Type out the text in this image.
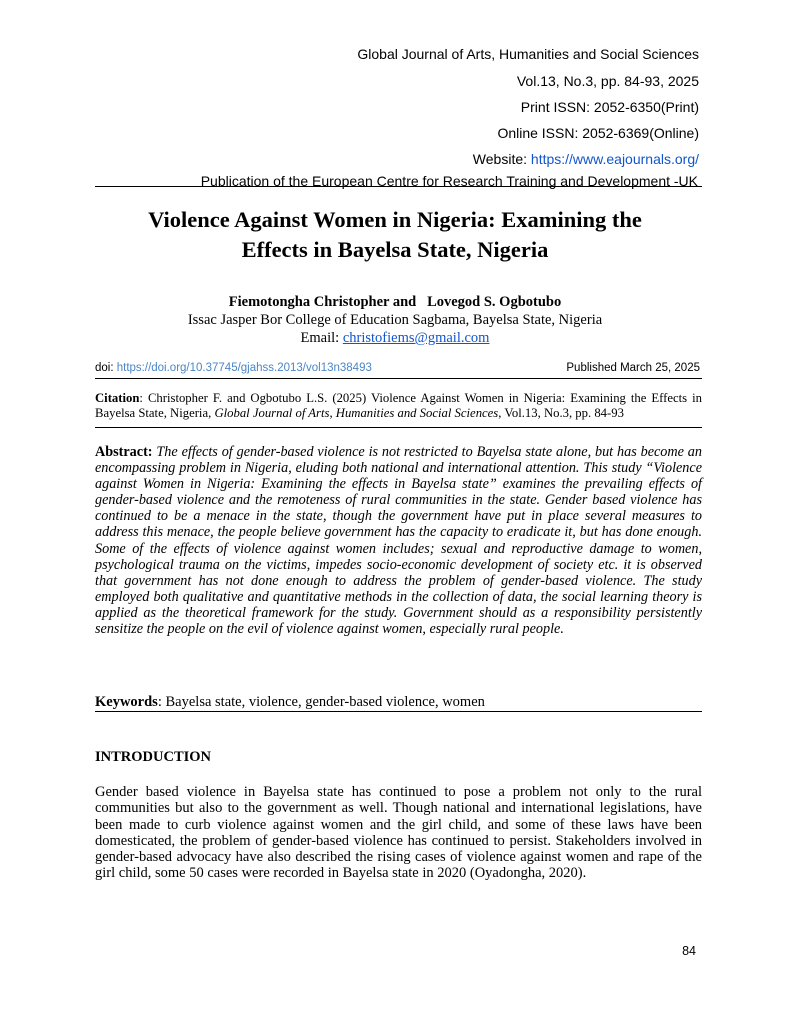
Global Journal of Arts, Humanities and Social Sciences
Vol.13, No.3, pp. 84-93, 2025
Print ISSN: 2052-6350(Print)
Online ISSN: 2052-6369(Online)
Website: https://www.eajournals.org/
Publication of the European Centre for Research Training and Development -UK
Violence Against Women in Nigeria: Examining the
Effects in Bayelsa State, Nigeria
Fiemotongha Christopher and   Lovegod S. Ogbotubo
Issac Jasper Bor College of Education Sagbama, Bayelsa State, Nigeria
Email: christofiems@gmail.com
doi: https://doi.org/10.37745/gjahss.2013/vol13n38493	Published March 25, 2025
Citation: Christopher F. and Ogbotubo L.S. (2025) Violence Against Women in Nigeria: Examining the Effects in Bayelsa State, Nigeria, Global Journal of Arts, Humanities and Social Sciences, Vol.13, No.3, pp. 84-93
Abstract: The effects of gender-based violence is not restricted to Bayelsa state alone, but has become an encompassing problem in Nigeria, eluding both national and international attention. This study “Violence against Women in Nigeria: Examining the effects in Bayelsa state” examines the prevailing effects of gender-based violence and the remoteness of rural communities in the state. Gender based violence has continued to be a menace in the state, though the government have put in place several measures to address this menace, the people believe government has the capacity to eradicate it, but has done enough. Some of the effects of violence against women includes; sexual and reproductive damage to women, psychological trauma on the victims, impedes socio-economic development of society etc. it is observed that government has not done enough to address the problem of gender-based violence. The study employed both qualitative and quantitative methods in the collection of data, the social learning theory is applied as the theoretical framework for the study. Government should as a responsibility persistently sensitize the people on the evil of violence against women, especially rural people.
Keywords: Bayelsa state, violence, gender-based violence, women
INTRODUCTION
Gender based violence in Bayelsa state has continued to pose a problem not only to the rural communities but also to the government as well. Though national and international legislations, have been made to curb violence against women and the girl child, and some of these laws have been domesticated, the problem of gender-based violence has continued to persist. Stakeholders involved in gender-based advocacy have also described the rising cases of violence against women and rape of the girl child, some 50 cases were recorded in Bayelsa state in 2020 (Oyadongha, 2020).
84
